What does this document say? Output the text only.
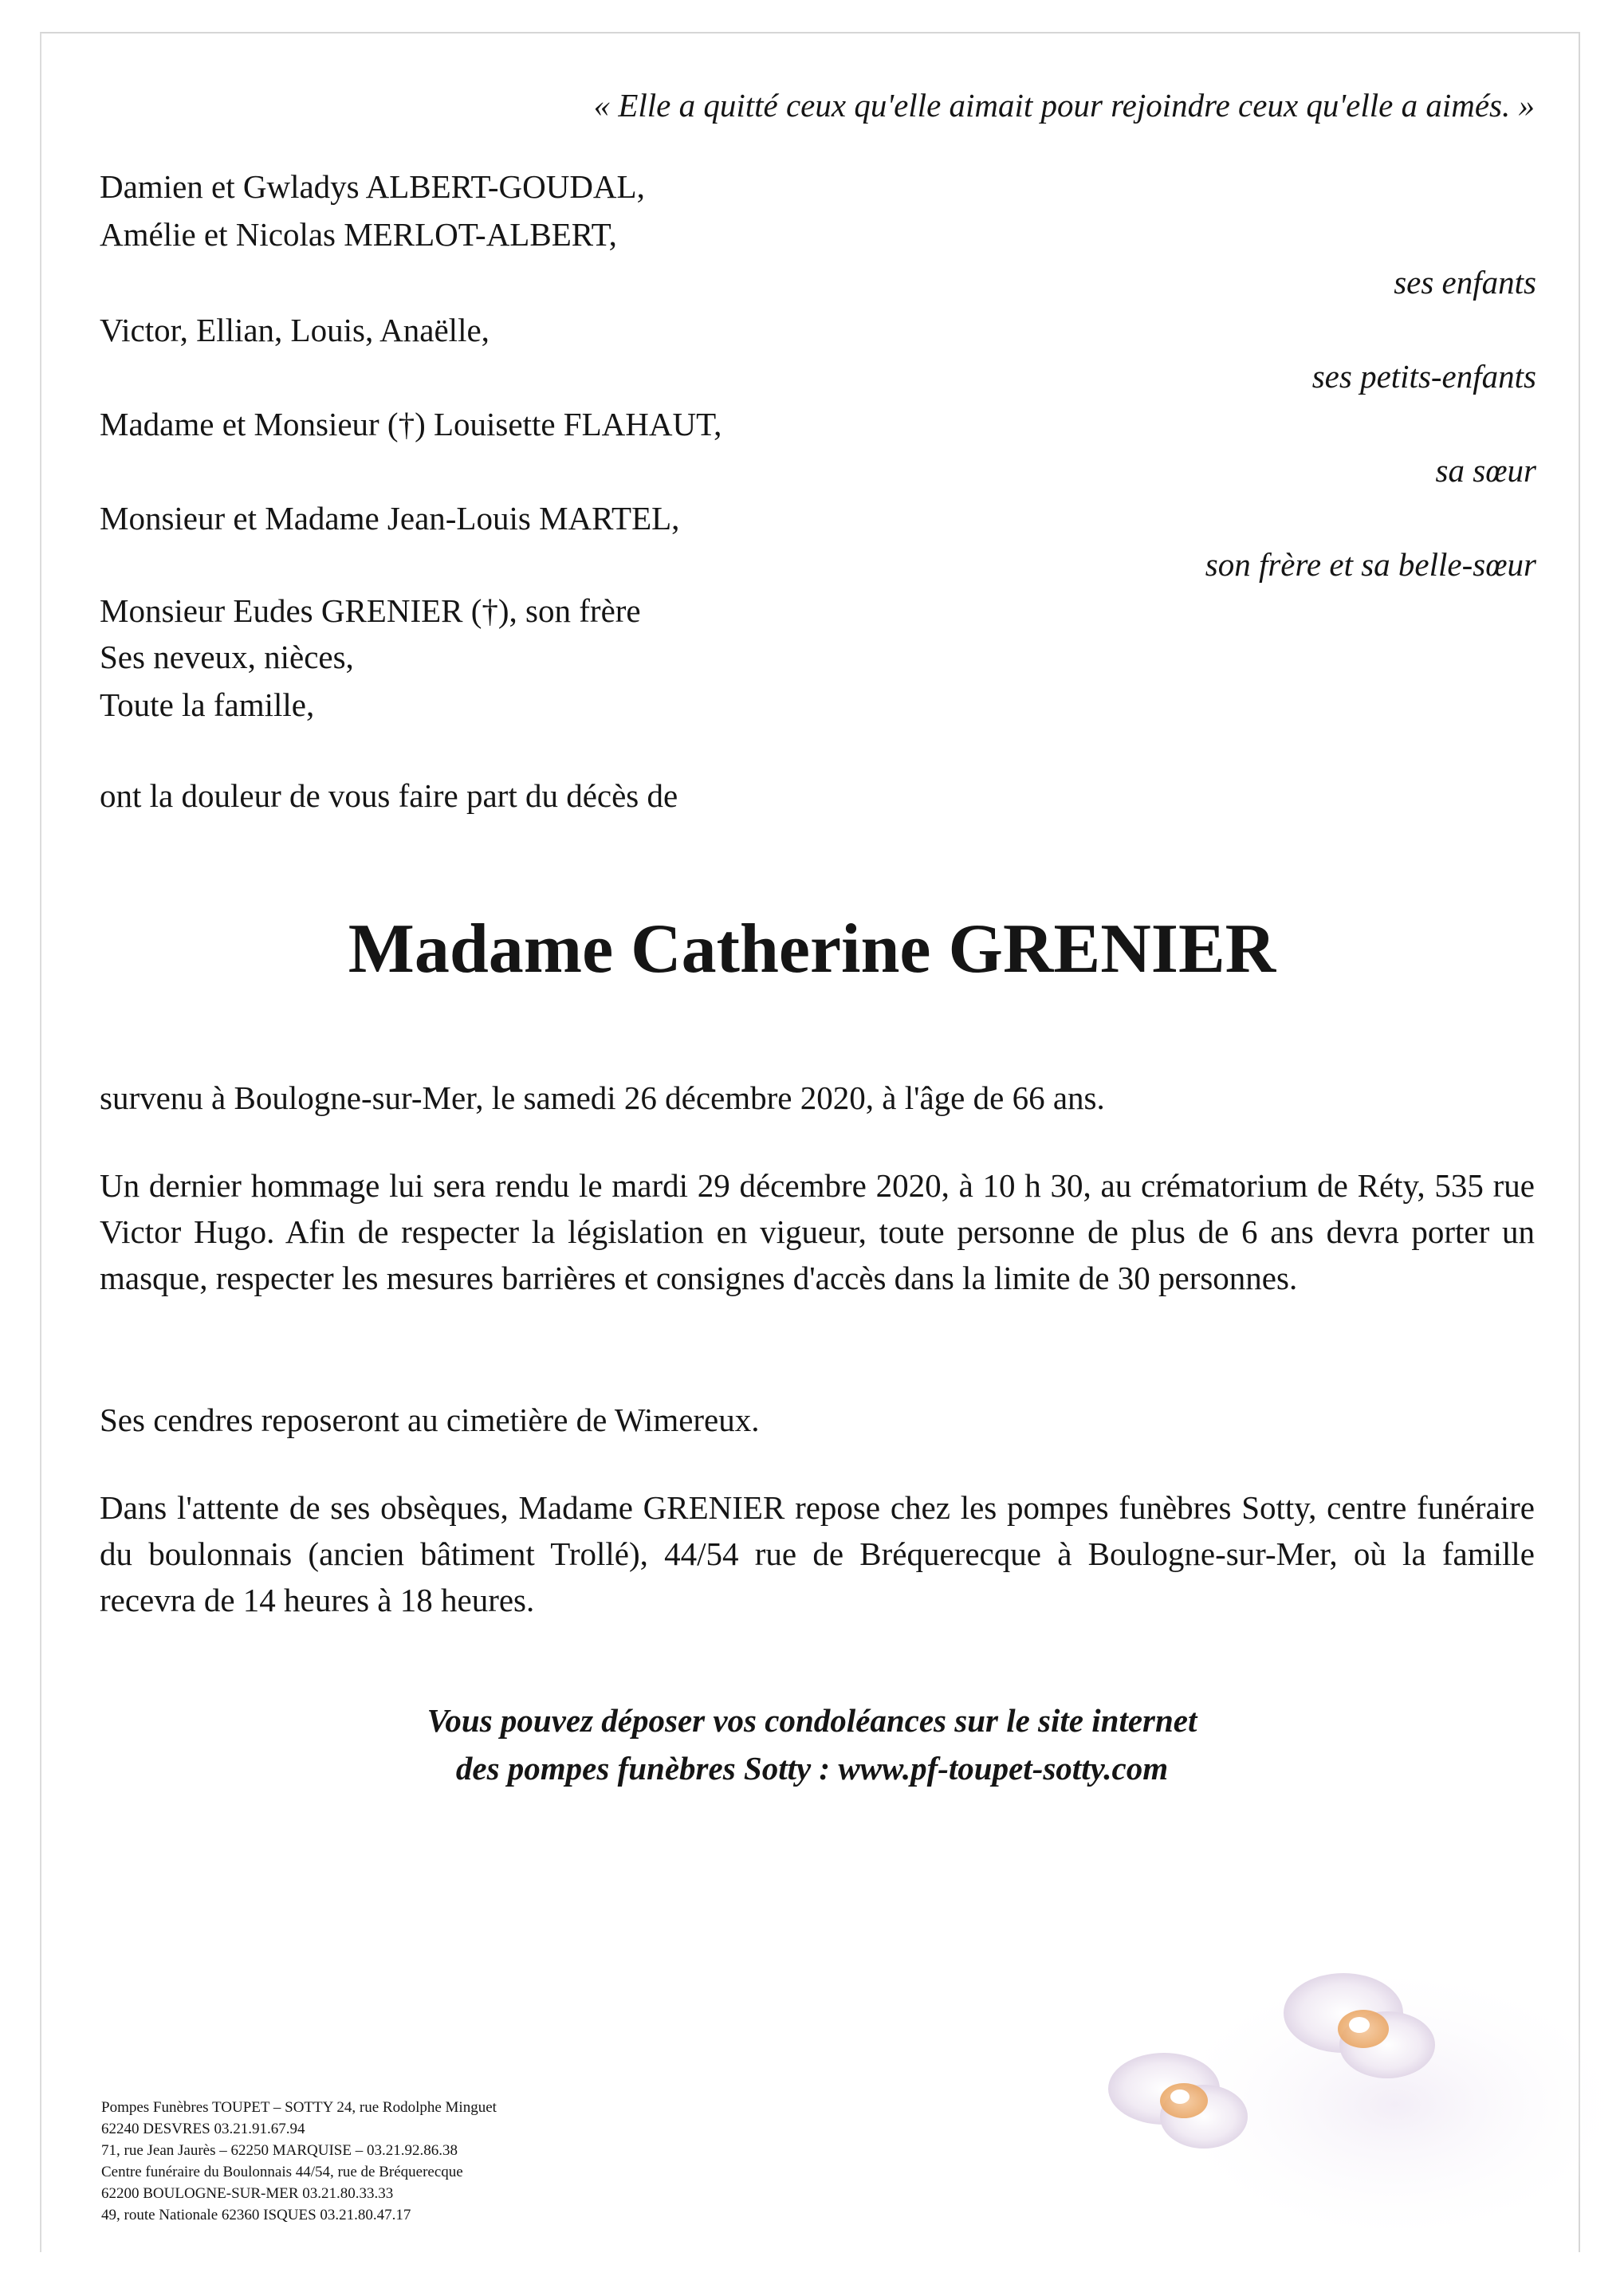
« Elle a quitté ceux qu'elle aimait pour rejoindre ceux qu'elle a aimés. »
Damien et Gwladys ALBERT-GOUDAL,
Amélie et Nicolas MERLOT-ALBERT,
Victor, Ellian, Louis, Anaëlle,
Madame et Monsieur (†) Louisette FLAHAUT,
Monsieur et Madame Jean-Louis MARTEL,
Monsieur Eudes GRENIER (†), son frère
Ses neveux, nièces,
Toute la famille,
ses enfants
ses petits-enfants
sa sœur
son frère et sa belle-sœur
ont la douleur de vous faire part du décès de
Madame Catherine GRENIER
survenu à Boulogne-sur-Mer, le samedi 26 décembre 2020, à l'âge de 66 ans.
Un dernier hommage lui sera rendu le mardi 29 décembre 2020, à 10 h 30, au crématorium de Réty, 535 rue Victor Hugo. Afin de respecter la législation en vigueur, toute personne de plus de 6 ans devra porter un masque, respecter les mesures barrières et consignes d'accès dans la limite de 30 personnes.
Ses cendres reposeront au cimetière de Wimereux.
Dans l'attente de ses obsèques, Madame GRENIER repose chez les pompes funèbres Sotty, centre funéraire du boulonnais (ancien bâtiment Trollé), 44/54 rue de Bréquerecque à Boulogne-sur-Mer, où la famille recevra de 14 heures à 18 heures.
Vous pouvez déposer vos condoléances sur le site internet
des pompes funèbres Sotty : www.pf-toupet-sotty.com
Pompes Funèbres TOUPET – SOTTY 24, rue Rodolphe Minguet
62240 DESVRES 03.21.91.67.94
71, rue Jean Jaurès – 62250 MARQUISE – 03.21.92.86.38
Centre funéraire du Boulonnais 44/54, rue de Bréquerecque
62200 BOULOGNE-SUR-MER 03.21.80.33.33
49, route Nationale 62360 ISQUES 03.21.80.47.17
